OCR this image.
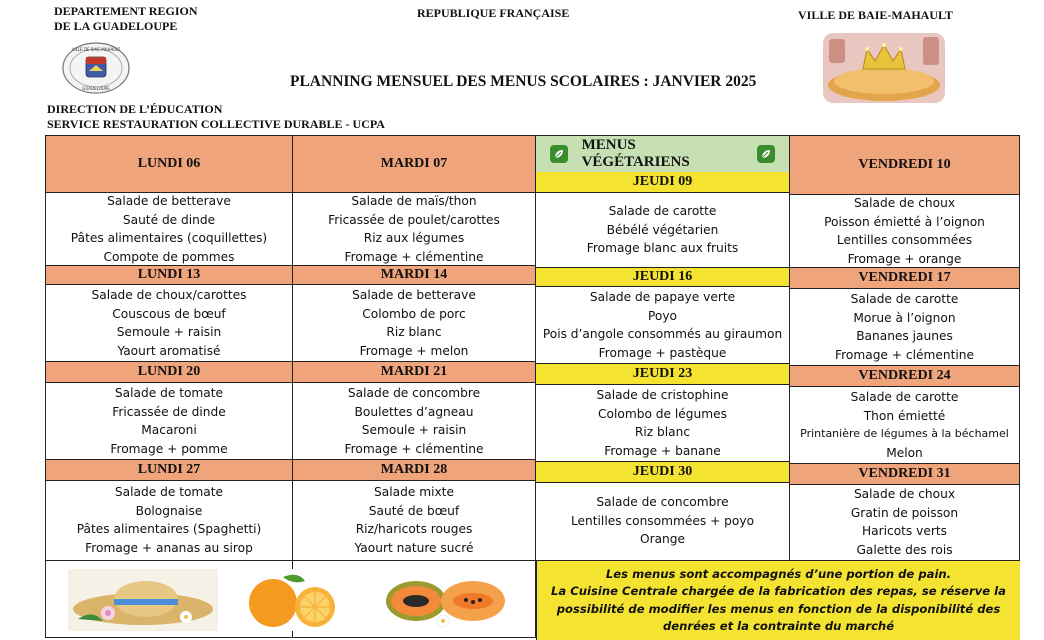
DEPARTEMENT REGION
DE LA GUADELOUPE
REPUBLIQUE FRANÇAISE	VILLE DE BAIE-MAHAULT
VILLE DE BAIE-MAHAULT
GUADELOUPE	PLANNING MENSUEL DES MENUS SCOLAIRES : JANVIER 2025
DIRECTION DE L’ÉDUCATION
SERVICE RESTAURATION COLLECTIVE DURABLE - UCPA
LUNDI 06
Salade de betterave
Sauté de dinde
Pâtes alimentaires (coquillettes)
Compote de pommes
LUNDI 13
Salade de choux/carottes
Couscous de bœuf
Semoule + raisin
Yaourt aromatisé
LUNDI 20
Salade de tomate
Fricassée de dinde
Macaroni
Fromage + pomme
LUNDI 27
Salade de tomate
Bolognaise
Pâtes alimentaires (Spaghetti)
Fromage + ananas au sirop
MARDI 07
Salade de maïs/thon
Fricassée de poulet/carottes
Riz aux légumes
Fromage + clémentine
MARDI 14
Salade de betterave
Colombo de porc
Riz blanc
Fromage + melon
MARDI 21
Salade de concombre
Boulettes d’agneau
Semoule + raisin
Fromage + clémentine
MARDI 28
Salade mixte
Sauté de bœuf
Riz/haricots rouges
Yaourt nature sucré
MENUS VÉGÉTARIENS
JEUDI 09
Salade de carotte
Bébélé végétarien
Fromage blanc aux fruits
JEUDI 16
Salade de papaye verte
Poyo
Pois d’angole consommés au giraumon
Fromage + pastèque
JEUDI 23
Salade de cristophine
Colombo de légumes
Riz blanc
Fromage + banane
JEUDI 30
Salade de concombre
Lentilles consommées + poyo
Orange
VENDREDI 10
Salade de choux
Poisson émietté à l’oignon
Lentilles consommées
Fromage + orange
VENDREDI 17
Salade de carotte
Morue à l’oignon
Bananes jaunes
Fromage + clémentine
VENDREDI 24
Salade de carotte
Thon émietté
Printanière de légumes à la béchamel
Melon
VENDREDI 31
Salade de choux
Gratin de poisson
Haricots verts
Galette des rois
Les menus sont accompagnés d’une portion de pain.
La Cuisine Centrale chargée de la fabrication des repas, se réserve la
possibilité de modifier les menus en fonction de la disponibilité des
denrées et la contrainte du marché
